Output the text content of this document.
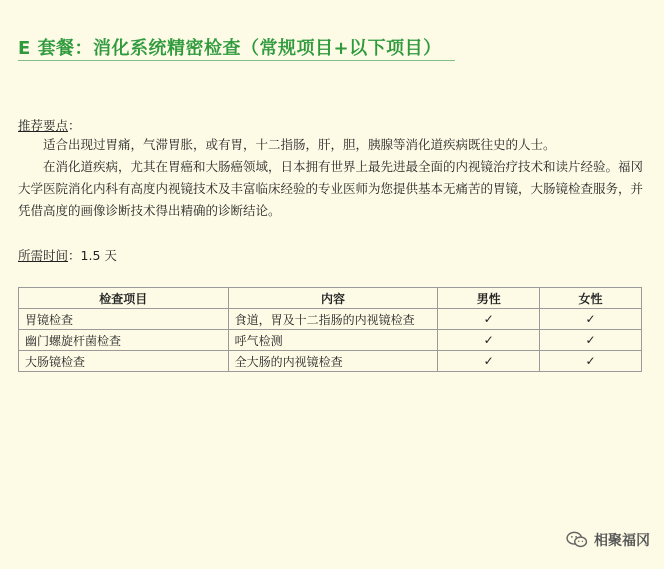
E 套餐：消化系统精密检查（常规项目+以下项目）
推荐要点：
适合出现过胃痛，气滞胃胀，或有胃，十二指肠，肝，胆，胰腺等消化道疾病既往史的人士。
在消化道疾病，尤其在胃癌和大肠癌领域，日本拥有世界上最先进最全面的内视镜治疗技术和读片经验。福冈大学医院消化内科有高度内视镜技术及丰富临床经验的专业医师为您提供基本无痛苦的胃镜，大肠镜检查服务，并凭借高度的画像诊断技术得出精确的诊断结论。
所需时间：1.5 天
检查项目	内容	男性	女性
胃镜检查	食道，胃及十二指肠的内视镜检查	✓	✓
幽门螺旋杆菌检查	呼气检测	✓	✓
大肠镜检查	全大肠的内视镜检查	✓	✓
相聚福冈
